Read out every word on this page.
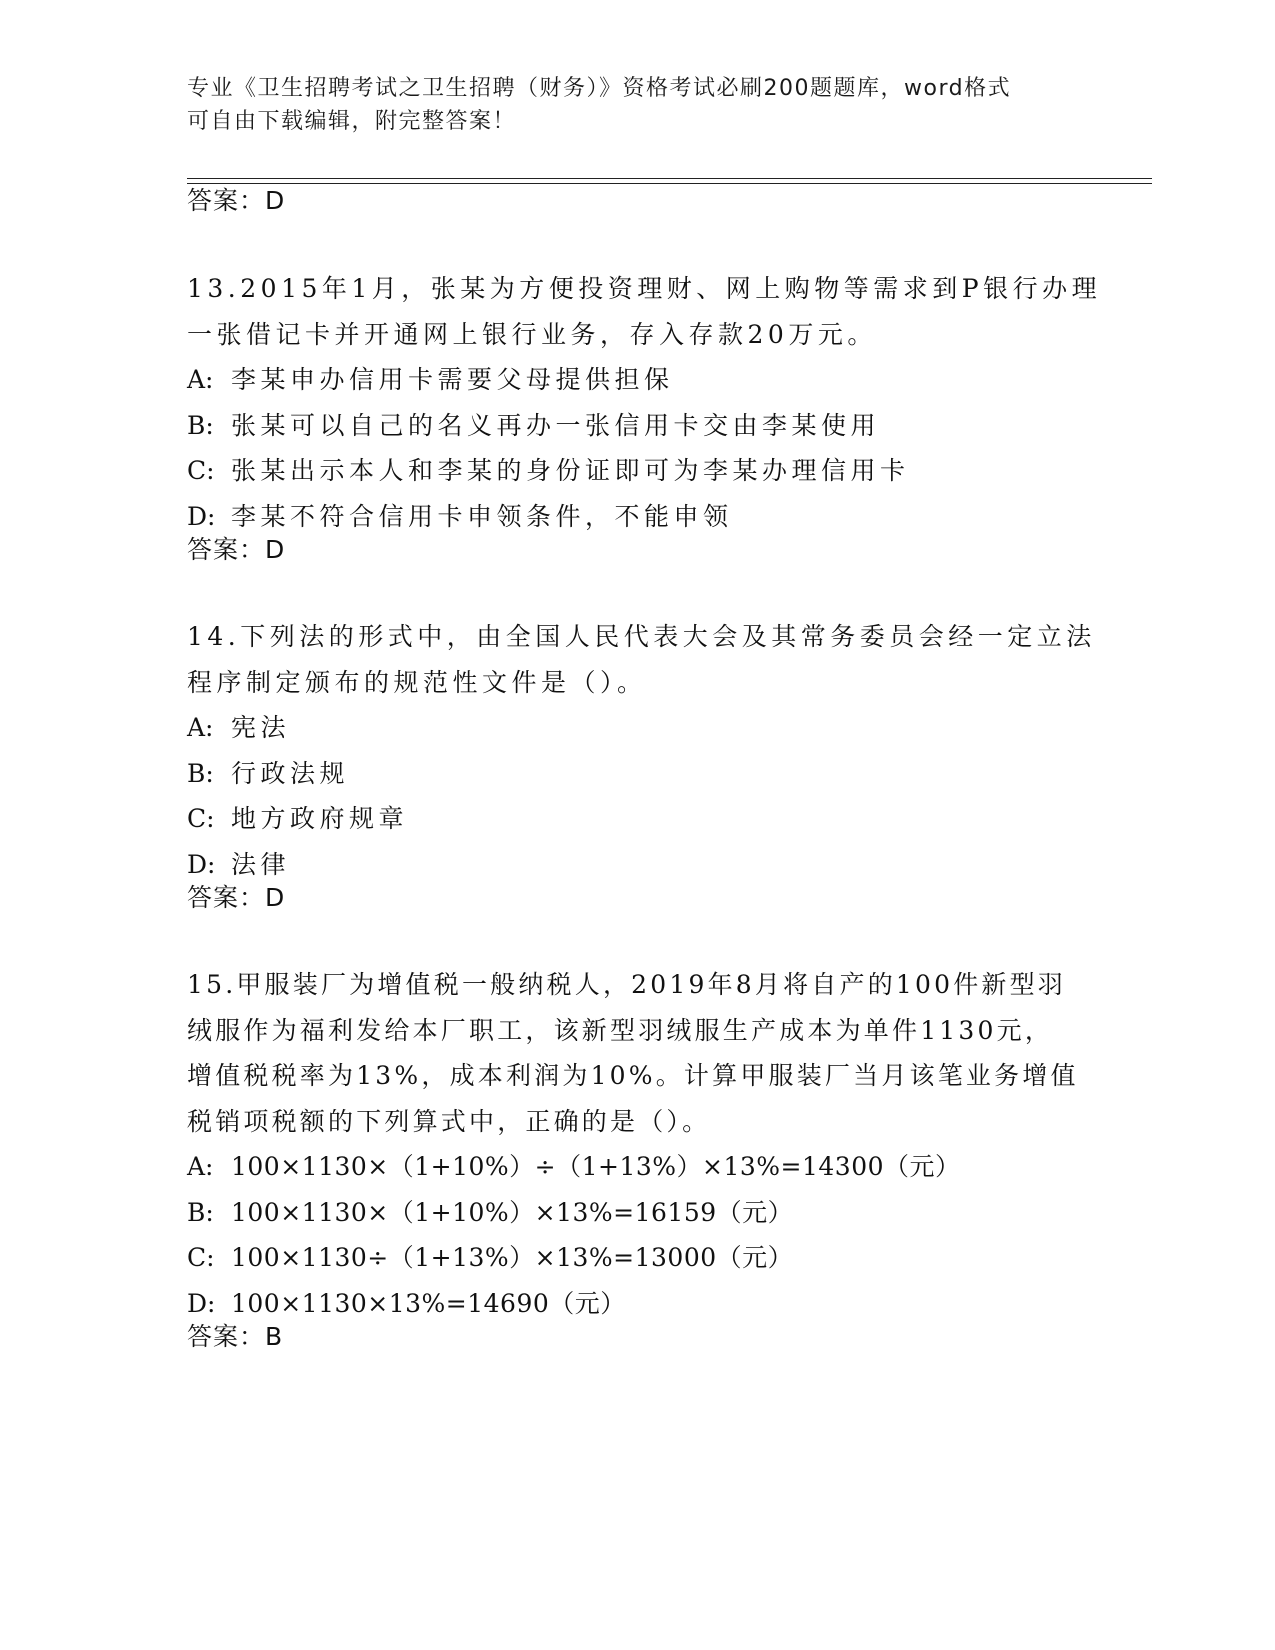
专业《卫生招聘考试之卫生招聘（财务）》资格考试必刷200题题库，word格式
可自由下载编辑，附完整答案！
答案：D
13.2015年1月，张某为方便投资理财、网上购物等需求到P银行办理
一张借记卡并开通网上银行业务，存入存款20万元。
A: 李某申办信用卡需要父母提供担保
B: 张某可以自己的名义再办一张信用卡交由李某使用
C: 张某出示本人和李某的身份证即可为李某办理信用卡
D: 李某不符合信用卡申领条件，不能申领
答案：D
14.下列法的形式中，由全国人民代表大会及其常务委员会经一定立法
程序制定颁布的规范性文件是（）。
A: 宪法
B: 行政法规
C: 地方政府规章
D: 法律
答案：D
15.甲服装厂为增值税一般纳税人，2019年8月将自产的100件新型羽
绒服作为福利发给本厂职工，该新型羽绒服生产成本为单件1130元，
增值税税率为13%，成本利润为10%。计算甲服装厂当月该笔业务增值
税销项税额的下列算式中，正确的是（）。
A: 100×1130×（1+10%）÷（1+13%）×13%=14300（元）
B: 100×1130×（1+10%）×13%=16159（元）
C: 100×1130÷（1+13%）×13%=13000（元）
D: 100×1130×13%=14690（元）
答案：B
